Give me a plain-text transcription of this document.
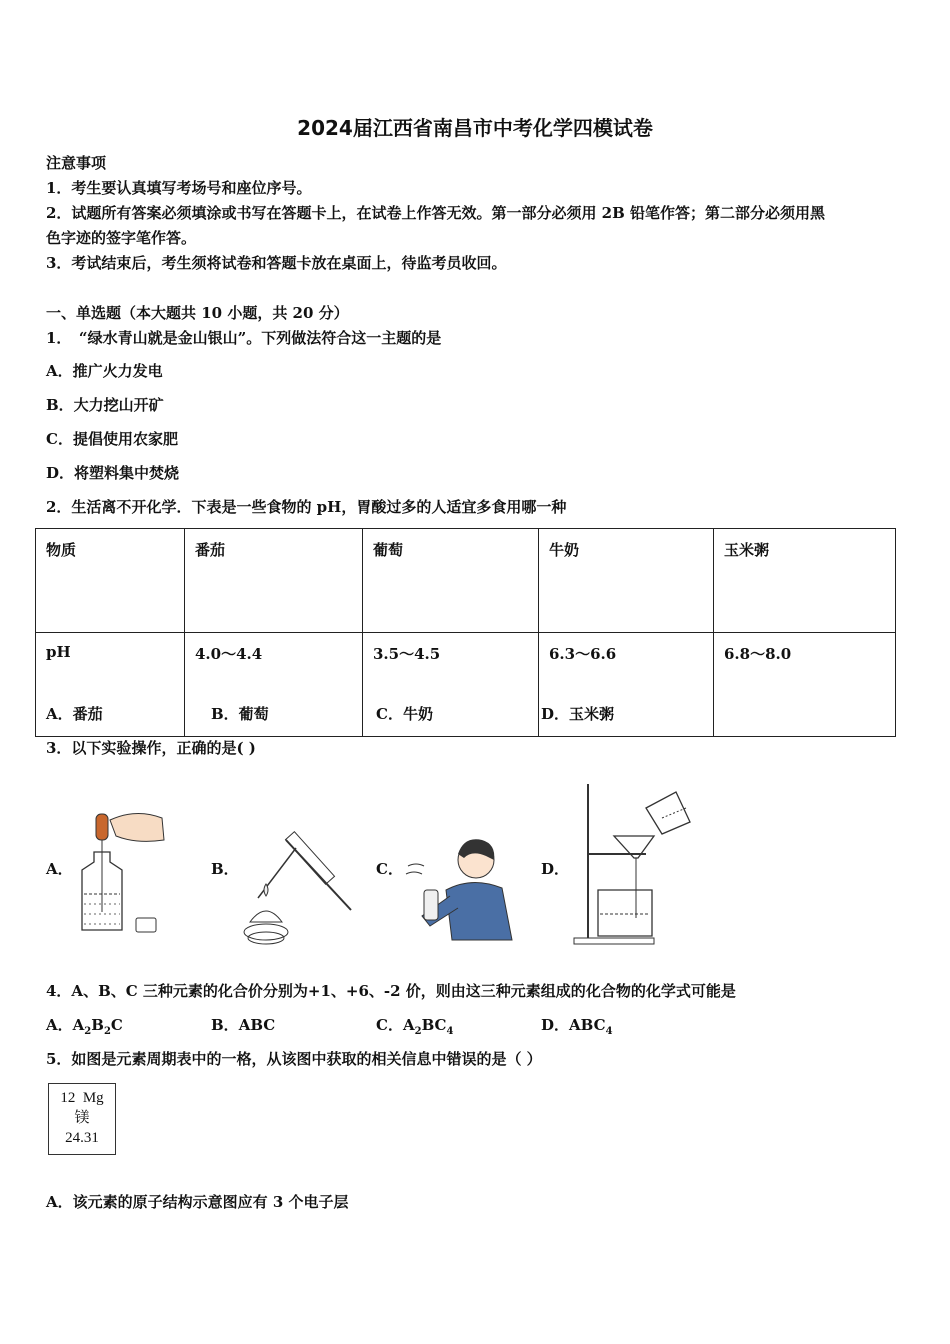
2024届江西省南昌市中考化学四模试卷
注意事项
1．考生要认真填写考场号和座位序号。
2．试题所有答案必须填涂或书写在答题卡上，在试卷上作答无效。第一部分必须用 2B 铅笔作答；第二部分必须用黑
色字迹的签字笔作答。
3．考试结束后，考生须将试卷和答题卡放在桌面上，待监考员收回。
一、单选题（本大题共 10 小题，共 20 分）
1．　“绿水青山就是金山银山”。下列做法符合这一主题的是
A．推广火力发电
B．大力挖山开矿
C．提倡使用农家肥
D．将塑料集中焚烧
2．生活离不开化学．下表是一些食物的 pH，胃酸过多的人适宜多食用哪一种
物质	番茄	葡萄	牛奶	玉米粥
pH	4.0～4.4	3.5～4.5	6.3～6.6	6.8～8.0
A．番茄	B．葡萄	C．牛奶	D．玉米粥
3．以下实验操作，正确的是( )
A．	B．	C．	D．
4．A、B、C 三种元素的化合价分别为+1、+6、-2 价，则由这三种元素组成的化合物的化学式可能是
A．$A_2B_2C$	B．ABC	C．$A_2BC_4$	D．$ABC_4$
5．如图是元素周期表中的一格，从该图中获取的相关信息中错误的是（ ）
12 Mg
镁
24.31
A．该元素的原子结构示意图应有 3 个电子层
